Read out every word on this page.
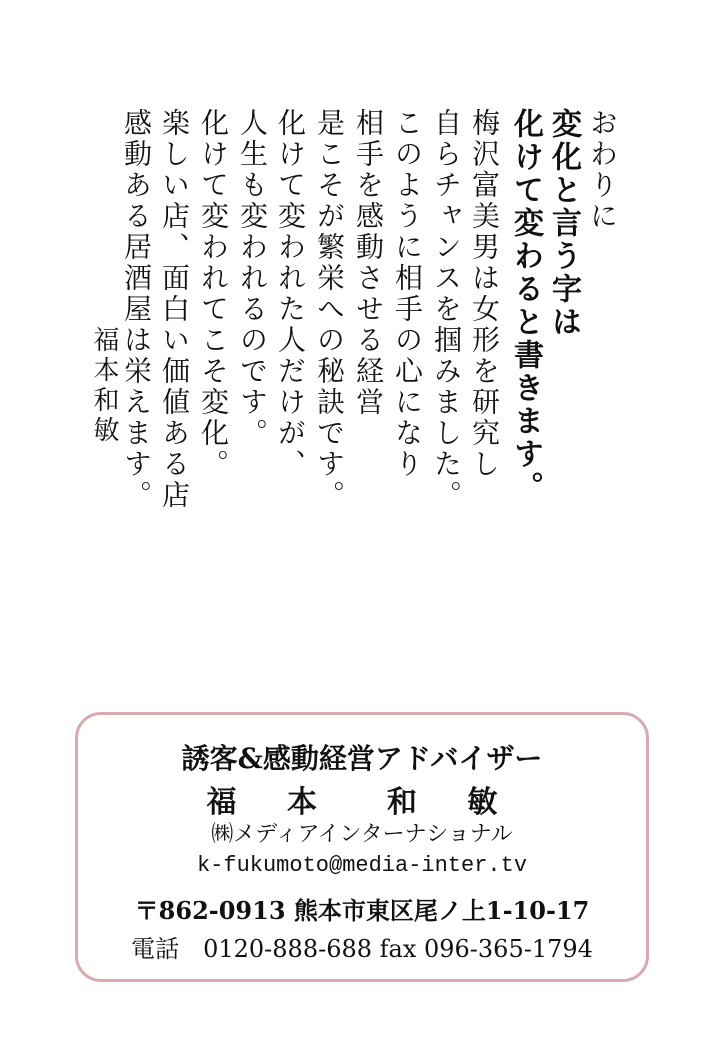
おわりに
変化と言う字は
化けて変わると書きます。
梅沢富美男は女形を研究し
自らチャンスを掴みました。
このように相手の心になり
相手を感動させる経営
是こそが繁栄への秘訣です。
化けて変われた人だけが、
人生も変われるのです。
化けて変われてこそ変化。
楽しい店、面白い価値ある店
感動ある居酒屋は栄えます。
福本和敏
誘客&感動経営アドバイザー
福 本　和 敏
㈱メディアインターナショナル
k-fukumoto@media-inter.tv
〒862-0913 熊本市東区尾ノ上1-10-17
電話　0120-888-688 fax 096-365-1794
